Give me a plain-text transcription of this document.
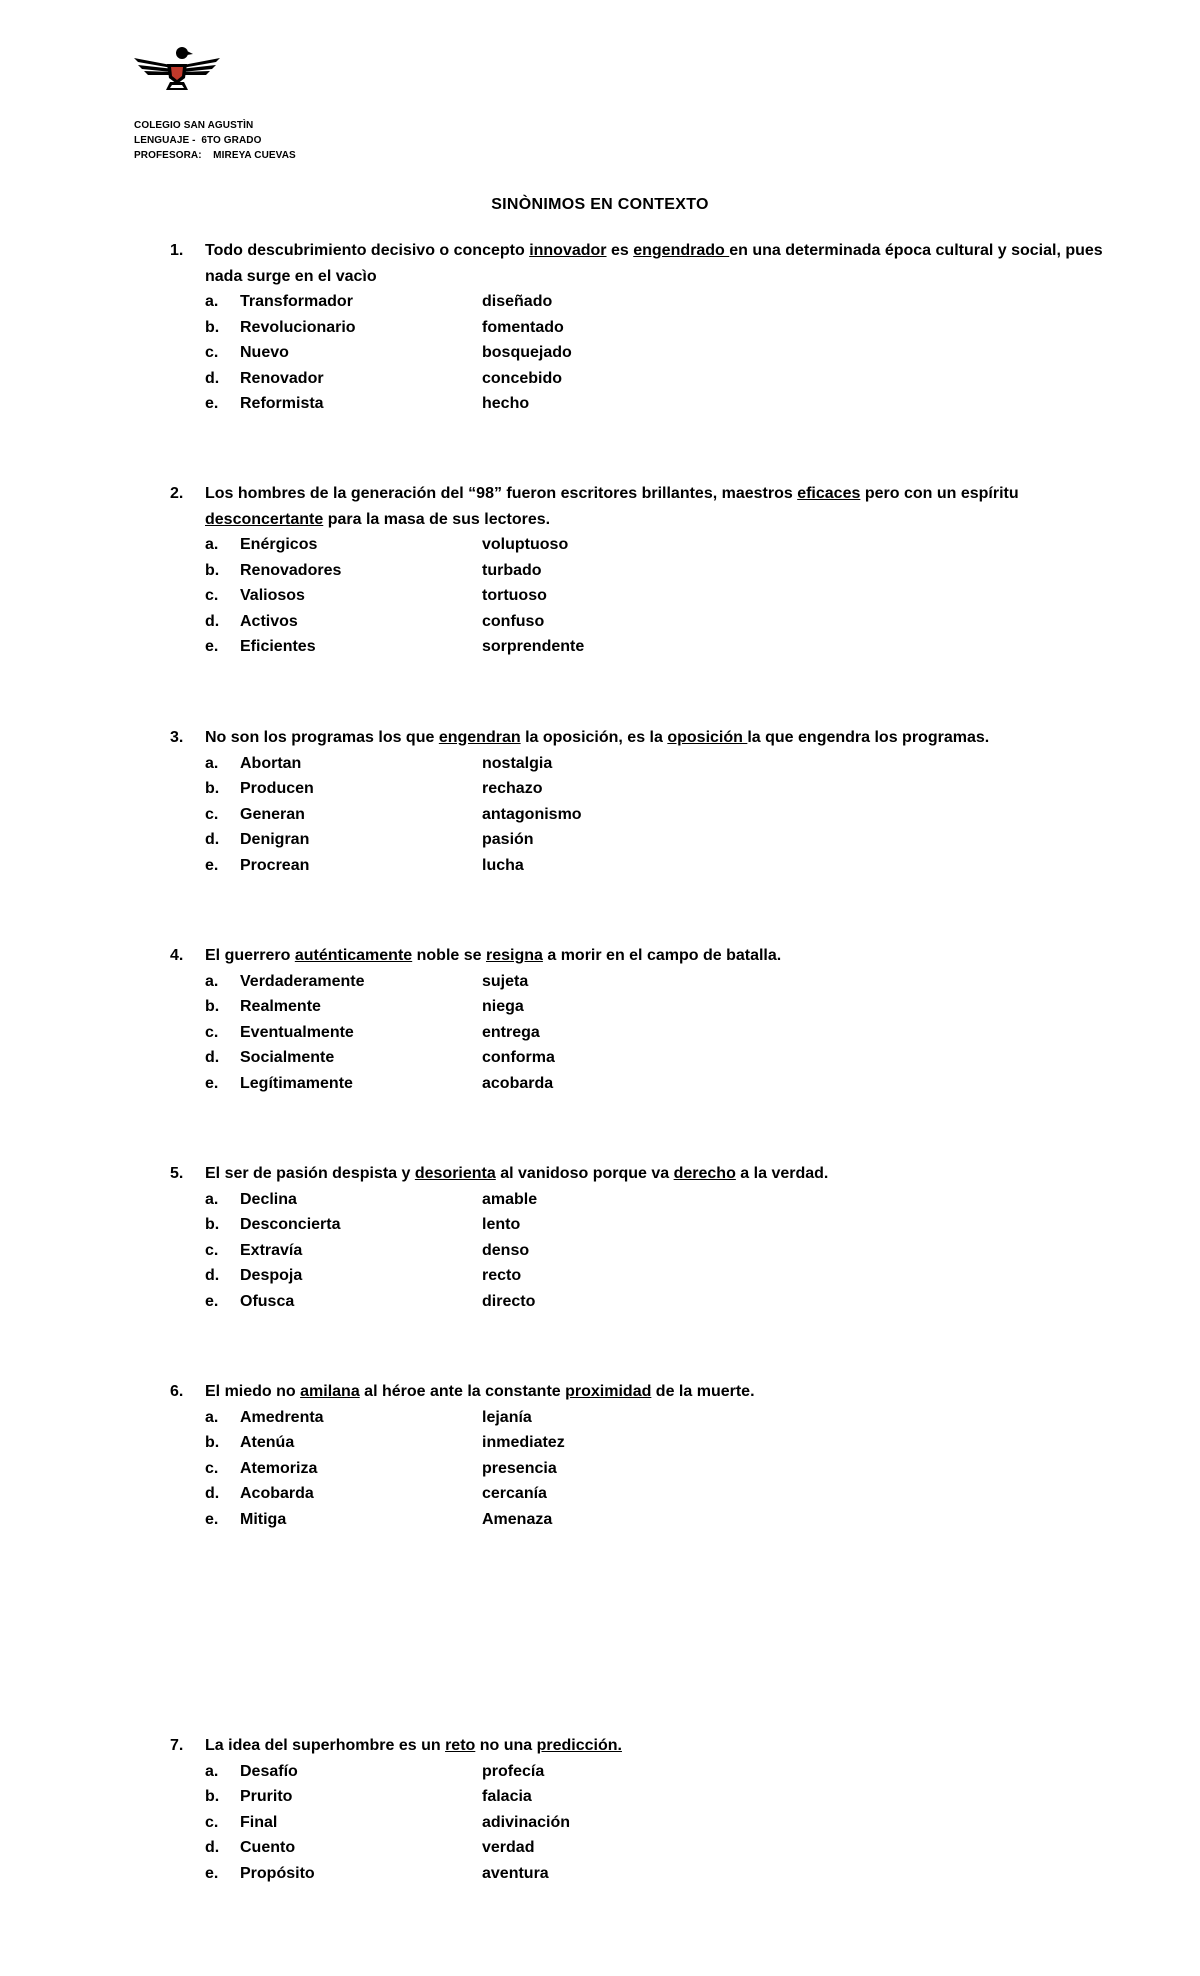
COLEGIO SAN AGUSTÌN
LENGUAJE -  6TO GRADO
PROFESORA:    MIREYA CUEVAS
SINÒNIMOS EN CONTEXTO
1. Todo descubrimiento decisivo o concepto innovador es engendrado en una determinada época cultural y social, pues nada surge en el vacìo
a. Transformador	diseñado
b. Revolucionario	fomentado
c. Nuevo	bosquejado
d. Renovador	concebido
e. Reformista	hecho
2. Los hombres de la generación del “98” fueron escritores brillantes, maestros eficaces pero con un espíritu desconcertante para la masa de sus lectores.
a. Enérgicos	voluptuoso
b. Renovadores	turbado
c. Valiosos	tortuoso
d. Activos	confuso
e. Eficientes	sorprendente
3. No son los programas los que engendran la oposición, es la oposición la que engendra los programas.
a. Abortan	nostalgia
b. Producen	rechazo
c. Generan	antagonismo
d. Denigran	pasión
e. Procrean	lucha
4. El guerrero auténticamente noble se resigna a morir en el campo de batalla.
a. Verdaderamente	sujeta
b. Realmente	niega
c. Eventualmente	entrega
d. Socialmente	conforma
e. Legítimamente	acobarda
5. El ser de pasión despista y desorienta al vanidoso porque va derecho a la verdad.
a. Declina	amable
b. Desconcierta	lento
c. Extravía	denso
d. Despoja	recto
e. Ofusca	directo
6. El miedo no amilana al héroe ante la constante proximidad de la muerte.
a. Amedrenta	lejanía
b. Atenúa	inmediatez
c. Atemoriza	presencia
d. Acobarda	cercanía
e. Mitiga	Amenaza
7. La idea del superhombre es un reto no una predicción.
a. Desafío	profecía
b. Prurito	falacia
c. Final	adivinación
d. Cuento	verdad
e. Propósito	aventura
